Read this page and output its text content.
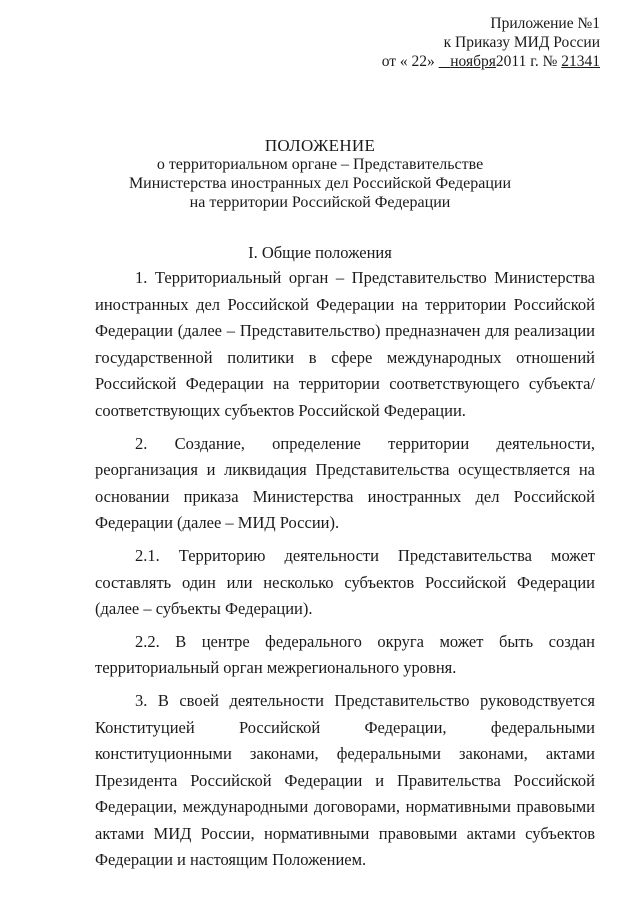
Приложение №1
к Приказу МИД России
от « 22» ноября2011 г. № 21341
ПОЛОЖЕНИЕ
о территориальном органе – Представительстве
Министерства иностранных дел Российской Федерации
на территории Российской Федерации
I. Общие положения

1. Территориальный орган – Представительство Министерства иностранных дел Российской Федерации на территории Российской Федерации (далее – Представительство) предназначен для реализации государственной политики в сфере международных отношений Российской Федерации на территории соответствующего субъекта/соответствующих субъектов Российской Федерации.

2. Создание, определение территории деятельности, реорганизация и ликвидация Представительства осуществляется на основании приказа Министерства иностранных дел Российской Федерации (далее – МИД России).

2.1. Территорию деятельности Представительства может составлять один или несколько субъектов Российской Федерации (далее – субъекты Федерации).

2.2. В центре федерального округа может быть создан территориальный орган межрегионального уровня.

3. В своей деятельности Представительство руководствуется Конституцией Российской Федерации, федеральными конституционными законами, федеральными законами, актами Президента Российской Федерации и Правительства Российской Федерации, международными договорами, нормативными правовыми актами МИД России, нормативными правовыми актами субъектов Федерации и настоящим Положением.
